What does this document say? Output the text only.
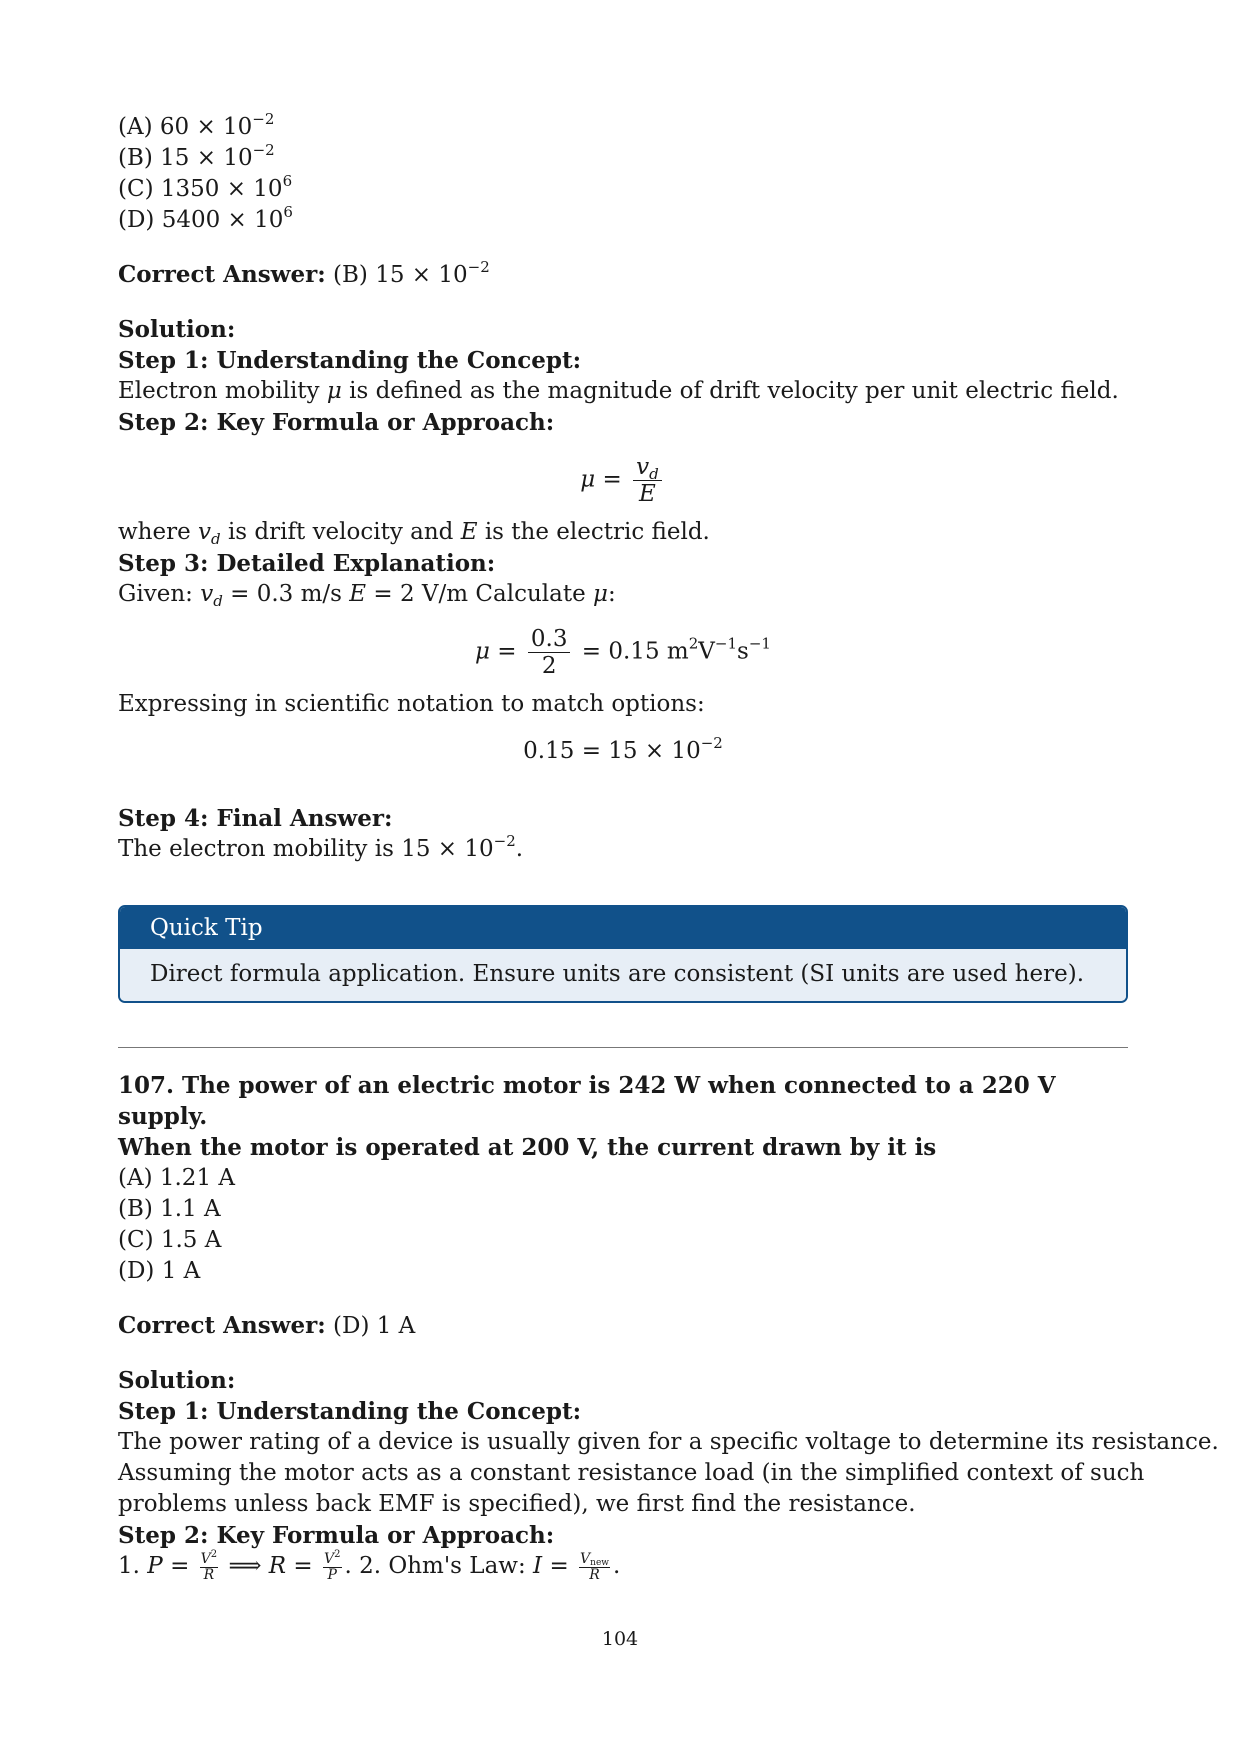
(A) $60 \times 10^{-2}$
(B) $15 \times 10^{-2}$
(C) $1350 \times 10^6$
(D) $5400 \times 10^6$
Correct Answer: (B) $15 \times 10^{-2}$
Solution:
Step 1: Understanding the Concept:
Electron mobility μ is defined as the magnitude of drift velocity per unit electric field.
Step 2: Key Formula or Approach:
$\mu = \frac{v_d}{E}$
where $v_d$ is drift velocity and E is the electric field.
Step 3: Detailed Explanation:
Given: $v_d = 0.3$ m/s E = 2 V/m Calculate μ:
$\mu = \frac{0.3}{2} = 0.15$ $m^2V^{-1}s^{-1}$
Expressing in scientific notation to match options:
$0.15 = 15 \times 10^{-2}$
Step 4: Final Answer:
The electron mobility is $15 \times 10^{-2}$.
Quick Tip
Direct formula application. Ensure units are consistent (SI units are used here).
107. The power of an electric motor is 242 W when connected to a 220 V supply.
When the motor is operated at 200 V, the current drawn by it is
(A) 1.21 A
(B) 1.1 A
(C) 1.5 A
(D) 1 A
Correct Answer: (D) 1 A
Solution:
Step 1: Understanding the Concept:
The power rating of a device is usually given for a specific voltage to determine its resistance.
Assuming the motor acts as a constant resistance load (in the simplified context of such
problems unless back EMF is specified), we first find the resistance.
Step 2: Key Formula or Approach:
1. $P = \frac{V^2}{R}$ ⟹ $R = \frac{V^2}{P}$ . 2. Ohm's Law: $I = \frac{V_{new}}{R}$ .
104
